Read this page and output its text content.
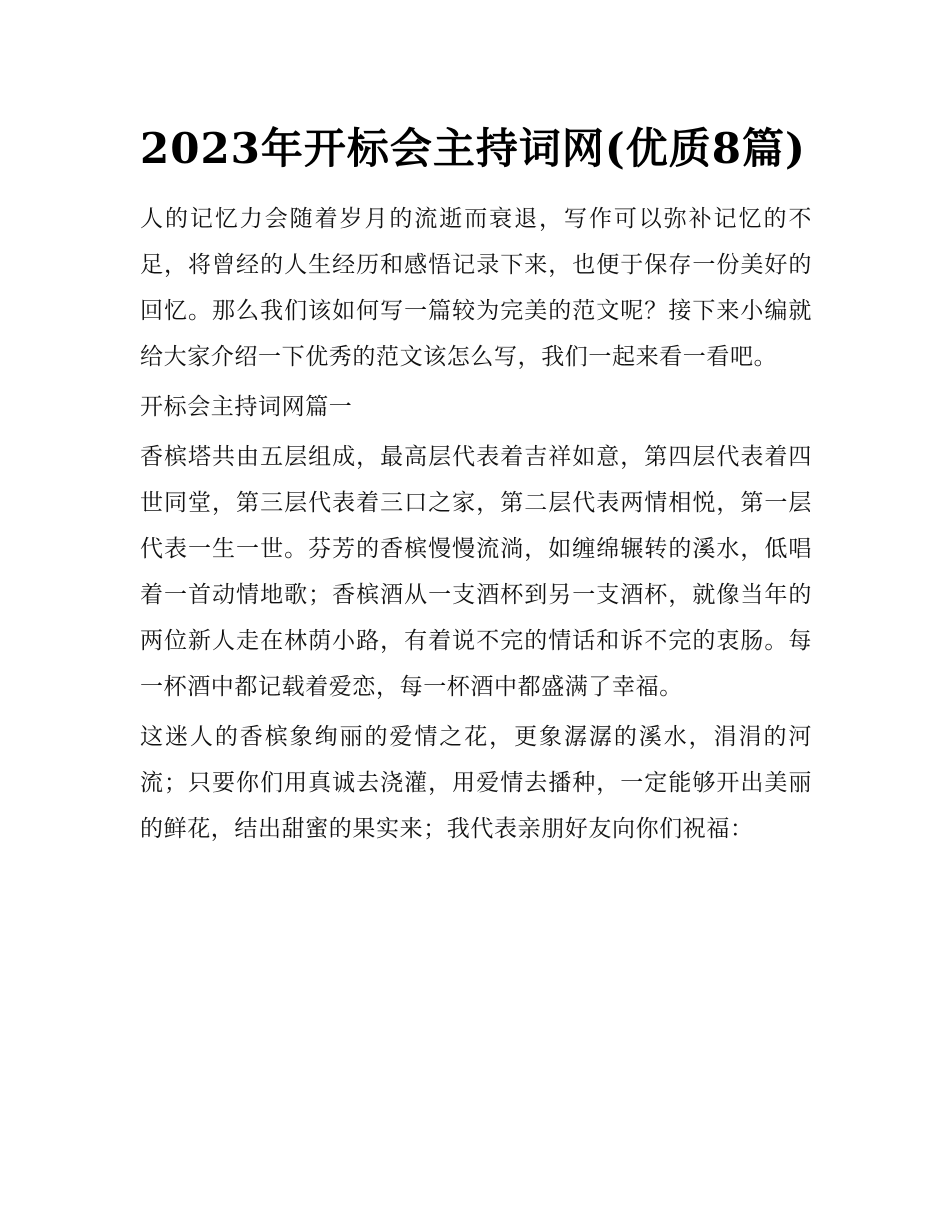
2023年开标会主持词网(优质8篇)

人的记忆力会随着岁月的流逝而衰退，写作可以弥补记忆的不足，将曾经的人生经历和感悟记录下来，也便于保存一份美好的回忆。那么我们该如何写一篇较为完美的范文呢？接下来小编就给大家介绍一下优秀的范文该怎么写，我们一起来看一看吧。

开标会主持词网篇一

香槟塔共由五层组成，最高层代表着吉祥如意，第四层代表着四世同堂，第三层代表着三口之家，第二层代表两情相悦，第一层代表一生一世。芬芳的香槟慢慢流淌，如缠绵辗转的溪水，低唱着一首动情地歌；香槟酒从一支酒杯到另一支酒杯，就像当年的两位新人走在林荫小路，有着说不完的情话和诉不完的衷肠。每一杯酒中都记载着爱恋，每一杯酒中都盛满了幸福。

这迷人的香槟象绚丽的爱情之花，更象潺潺的溪水，涓涓的河流；只要你们用真诚去浇灌，用爱情去播种，一定能够开出美丽的鲜花，结出甜蜜的果实来；我代表亲朋好友向你们祝福：
